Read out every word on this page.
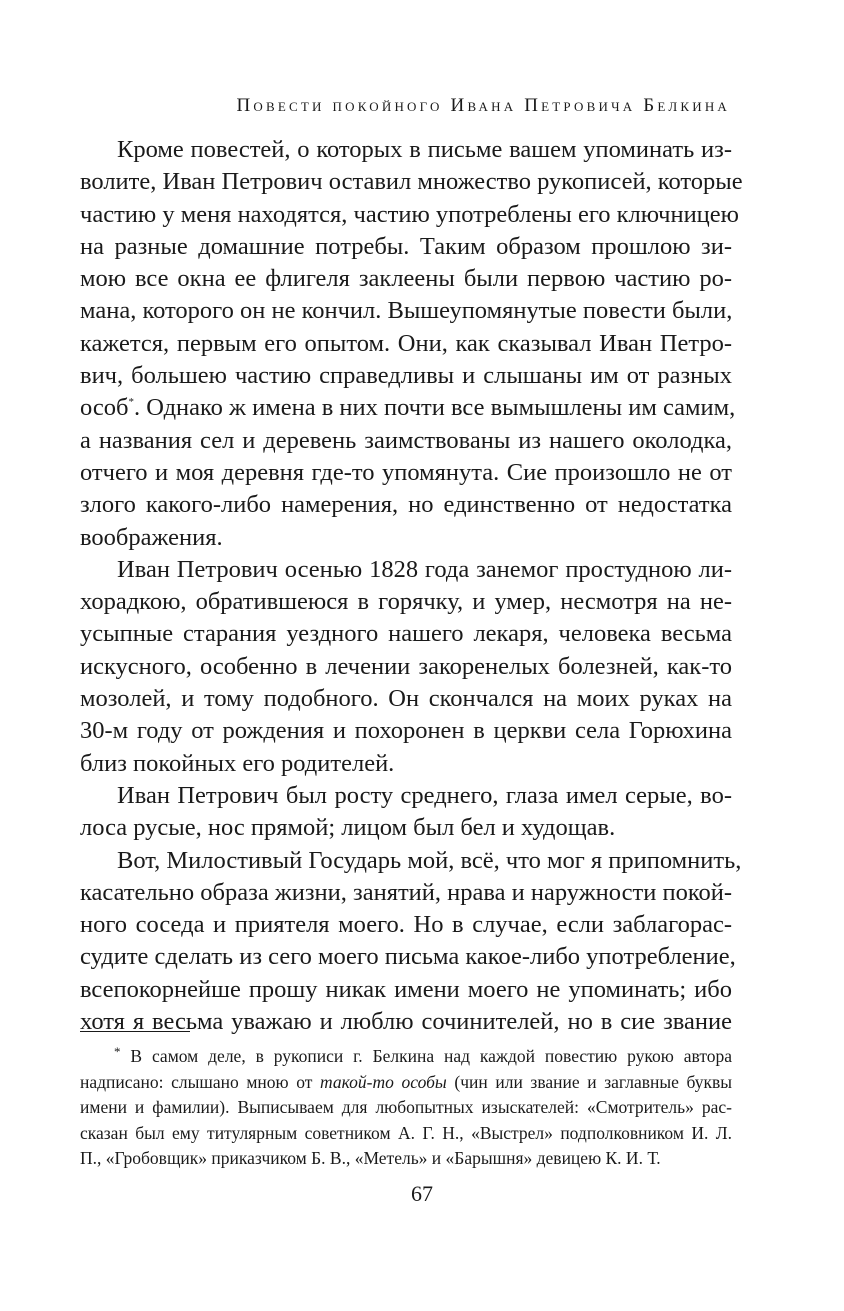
Повести покойного Ивана Петровича Белкина
Кроме повестей, о которых в письме вашем упоминать из-
волите, Иван Петрович оставил множество рукописей, которые
частию у меня находятся, частию употреблены его ключницею
на разные домашние потребы. Таким образом прошлою зи-
мою все окна ее флигеля заклеены были первою частию ро-
мана, которого он не кончил. Вышеупомянутые повести были,
кажется, первым его опытом. Они, как сказывал Иван Петро-
вич, большею частию справедливы и слышаны им от разных
особ*. Однако ж имена в них почти все вымышлены им самим,
а названия сел и деревень заимствованы из нашего околодка,
отчего и моя деревня где-то упомянута. Сие произошло не от
злого какого-либо намерения, но единственно от недостатка
воображения.
Иван Петрович осенью 1828 года занемог простудною ли-
хорадкою, обратившеюся в горячку, и умер, несмотря на не-
усыпные старания уездного нашего лекаря, человека весьма
искусного, особенно в лечении закоренелых болезней, как-то
мозолей, и тому подобного. Он скончался на моих руках на
30-м году от рождения и похоронен в церкви села Горюхина
близ покойных его родителей.
Иван Петрович был росту среднего, глаза имел серые, во-
лоса русые, нос прямой; лицом был бел и худощав.
Вот, Милостивый Государь мой, всё, что мог я припомнить,
касательно образа жизни, занятий, нрава и наружности покой-
ного соседа и приятеля моего. Но в случае, если заблагорас-
судите сделать из сего моего письма какое-либо употребление,
всепокорнейше прошу никак имени моего не упоминать; ибо
хотя я весьма уважаю и люблю сочинителей, но в сие звание
* В самом деле, в рукописи г. Белкина над каждой повестию рукою автора
надписано: слышано мною от такой-то особы (чин или звание и заглавные буквы
имени и фамилии). Выписываем для любопытных изыскателей: «Смотритель» рас-
сказан был ему титулярным советником А. Г. Н., «Выстрел» подполковником И. Л.
П., «Гробовщик» приказчиком Б. В., «Метель» и «Барышня» девицею К. И. Т.
67
